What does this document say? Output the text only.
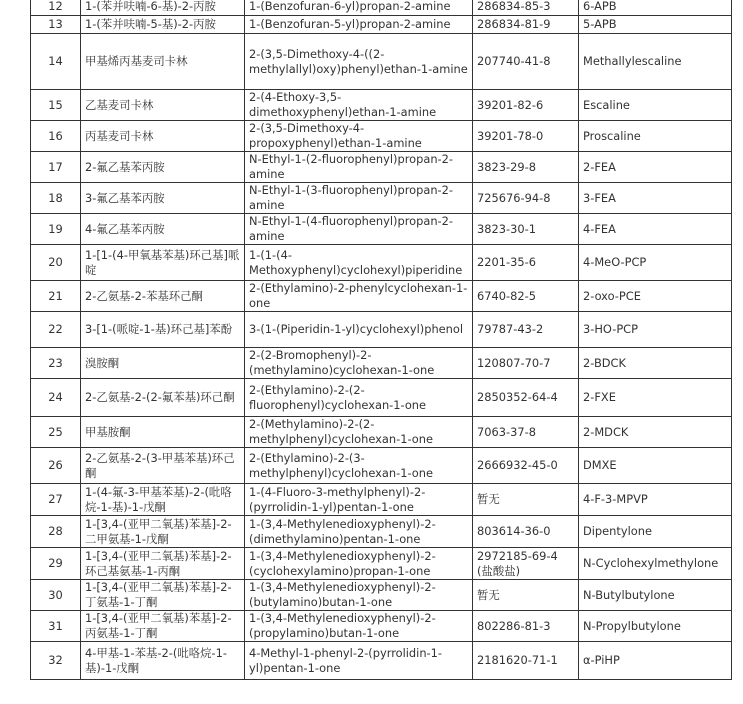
12	1-(苯并呋喃-6-基)-2-丙胺	1-(Benzofuran-6-yl)propan-2-amine	286834-85-3	6-APB
13	1-(苯并呋喃-5-基)-2-丙胺	1-(Benzofuran-5-yl)propan-2-amine	286834-81-9	5-APB
14	甲基烯丙基麦司卡林	2-(3,5-Dimethoxy-4-((2-methylallyl)oxy)phenyl)ethan-1-amine	207740-41-8	Methallylescaline
15	乙基麦司卡林	2-(4-Ethoxy-3,5-dimethoxyphenyl)ethan-1-amine	39201-82-6	Escaline
16	丙基麦司卡林	2-(3,5-Dimethoxy-4-propoxyphenyl)ethan-1-amine	39201-78-0	Proscaline
17	2-氟乙基苯丙胺	N-Ethyl-1-(2-fluorophenyl)propan-2-amine	3823-29-8	2-FEA
18	3-氟乙基苯丙胺	N-Ethyl-1-(3-fluorophenyl)propan-2-amine	725676-94-8	3-FEA
19	4-氟乙基苯丙胺	N-Ethyl-1-(4-fluorophenyl)propan-2-amine	3823-30-1	4-FEA
20	1-[1-(4-甲氧基苯基)环己基]哌啶	1-(1-(4-Methoxyphenyl)cyclohexyl)piperidine	2201-35-6	4-MeO-PCP
21	2-乙氨基-2-苯基环己酮	2-(Ethylamino)-2-phenylcyclohexan-1-one	6740-82-5	2-oxo-PCE
22	3-[1-(哌啶-1-基)环己基]苯酚	3-(1-(Piperidin-1-yl)cyclohexyl)phenol	79787-43-2	3-HO-PCP
23	溴胺酮	2-(2-Bromophenyl)-2-(methylamino)cyclohexan-1-one	120807-70-7	2-BDCK
24	2-乙氨基-2-(2-氟苯基)环己酮	2-(Ethylamino)-2-(2-fluorophenyl)cyclohexan-1-one	2850352-64-4	2-FXE
25	甲基胺酮	2-(Methylamino)-2-(2-methylphenyl)cyclohexan-1-one	7063-37-8	2-MDCK
26	2-乙氨基-2-(3-甲基苯基)环己酮	2-(Ethylamino)-2-(3-methylphenyl)cyclohexan-1-one	2666932-45-0	DMXE
27	1-(4-氟-3-甲基苯基)-2-(吡咯烷-1-基)-1-戊酮	1-(4-Fluoro-3-methylphenyl)-2-(pyrrolidin-1-yl)pentan-1-one	暂无	4-F-3-MPVP
28	1-[3,4-(亚甲二氧基)苯基]-2-二甲氨基-1-戊酮	1-(3,4-Methylenedioxyphenyl)-2-(dimethylamino)pentan-1-one	803614-36-0	Dipentylone
29	1-[3,4-(亚甲二氧基)苯基]-2-环己基氨基-1-丙酮	1-(3,4-Methylenedioxyphenyl)-2-(cyclohexylamino)propan-1-one	2972185-69-4 (盐酸盐)	N-Cyclohexylmethylone
30	1-[3,4-(亚甲二氧基)苯基]-2-丁氨基-1-丁酮	1-(3,4-Methylenedioxyphenyl)-2-(butylamino)butan-1-one	暂无	N-Butylbutylone
31	1-[3,4-(亚甲二氧基)苯基]-2-丙氨基-1-丁酮	1-(3,4-Methylenedioxyphenyl)-2-(propylamino)butan-1-one	802286-81-3	N-Propylbutylone
32	4-甲基-1-苯基-2-(吡咯烷-1-基)-1-戊酮	4-Methyl-1-phenyl-2-(pyrrolidin-1-yl)pentan-1-one	2181620-71-1	α-PiHP
